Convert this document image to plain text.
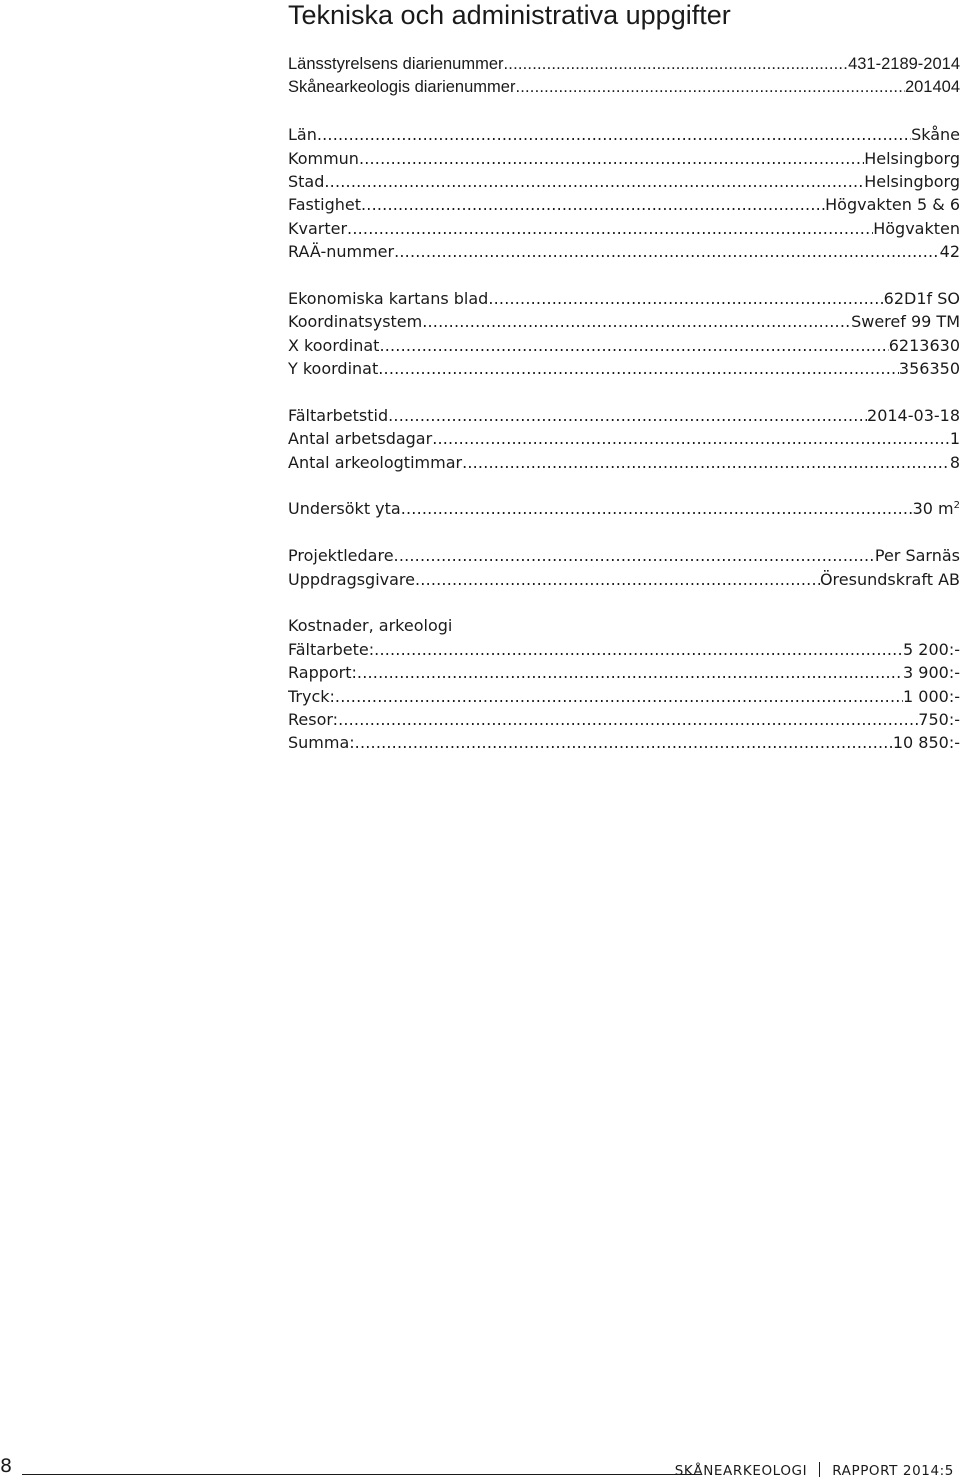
Tekniska och administrativa uppgifter
Länsstyrelsens diarienummer .....	431-2189-2014
Skånearkeologis diarienummer .....	201404
Län .....	Skåne
Kommun .....	Helsingborg
Stad .....	Helsingborg
Fastighet .....	Högvakten 5 & 6
Kvarter .....	Högvakten
RAÄ-nummer .....	42
Ekonomiska kartans blad .....	62D1f SO
Koordinatsystem .....	Sweref 99 TM
X koordinat .....	6213630
Y koordinat .....	356350
Fältarbetstid .....	2014-03-18
Antal arbetsdagar .....	1
Antal arkeologtimmar .....	8
Undersökt yta .....	30 $m^2$
Projektledare .....	Per Sarnäs
Uppdragsgivare .....	Öresundskraft AB
Kostnader, arkeologi
Fältarbete: .....	5 200:-
Rapport: .....	3 900:-
Tryck: .....	1 000:-
Resor: .....	750:-
Summa: .....	10 850:-
8	SKÅNEARKEOLOGI RAPPORT 2014:5
